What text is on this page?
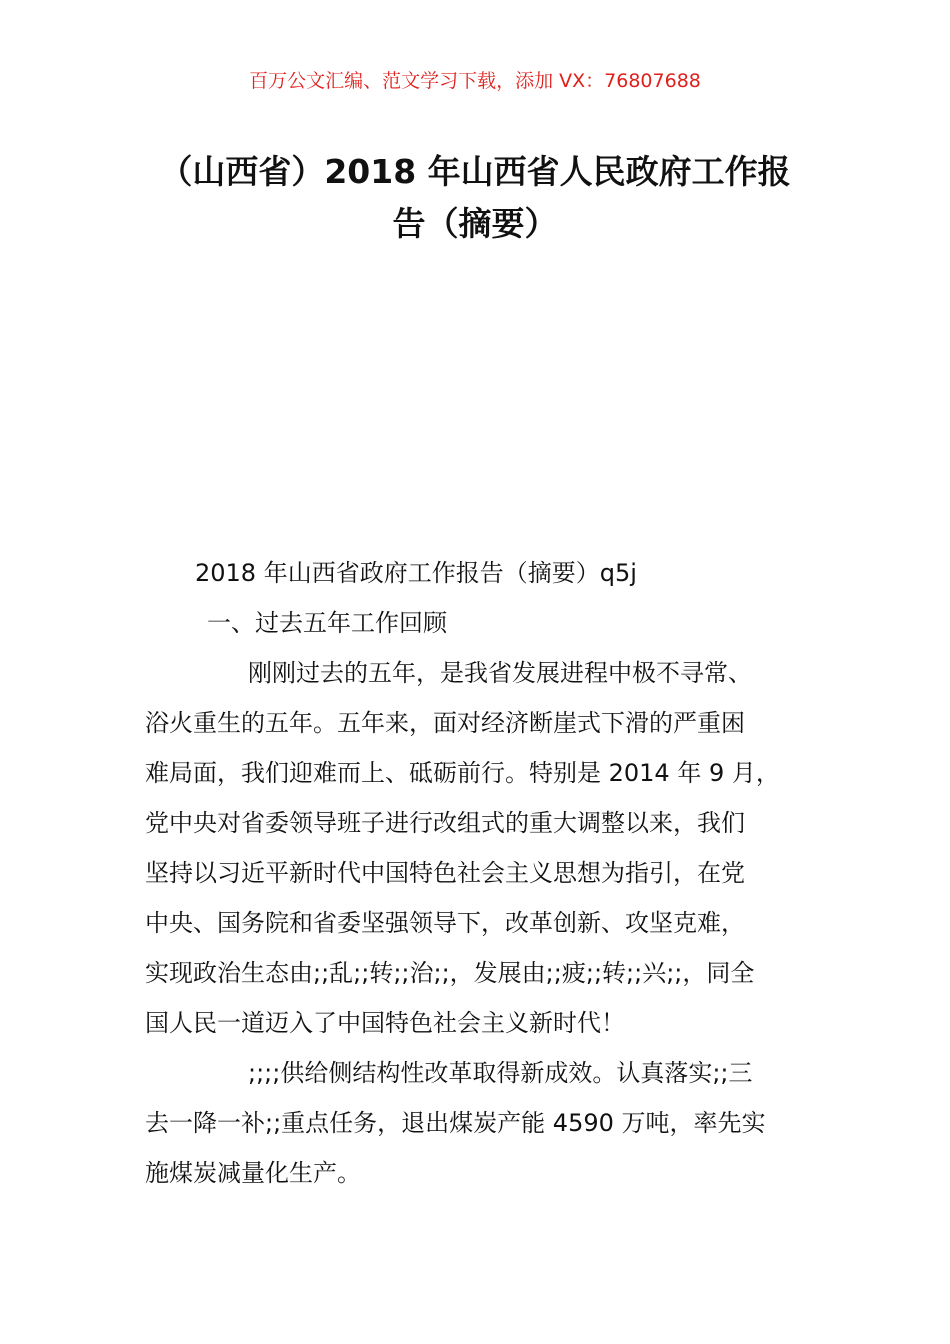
百万公文汇编、范文学习下载，添加 VX：76807688
（山西省）2018 年山西省人民政府工作报
告（摘要）
2018 年山西省政府工作报告（摘要）q5j
一、过去五年工作回顾
刚刚过去的五年，是我省发展进程中极不寻常、
浴火重生的五年。五年来，面对经济断崖式下滑的严重困
难局面，我们迎难而上、砥砺前行。特别是 2014 年 9 月，
党中央对省委领导班子进行改组式的重大调整以来，我们
坚持以习近平新时代中国特色社会主义思想为指引，在党
中央、国务院和省委坚强领导下，改革创新、攻坚克难，
实现政治生态由;;乱;;转;;治;;，发展由;;疲;;转;;兴;;，同全
国人民一道迈入了中国特色社会主义新时代！
;;;;供给侧结构性改革取得新成效。认真落实;;三
去一降一补;;重点任务，退出煤炭产能 4590 万吨，率先实
施煤炭减量化生产。
